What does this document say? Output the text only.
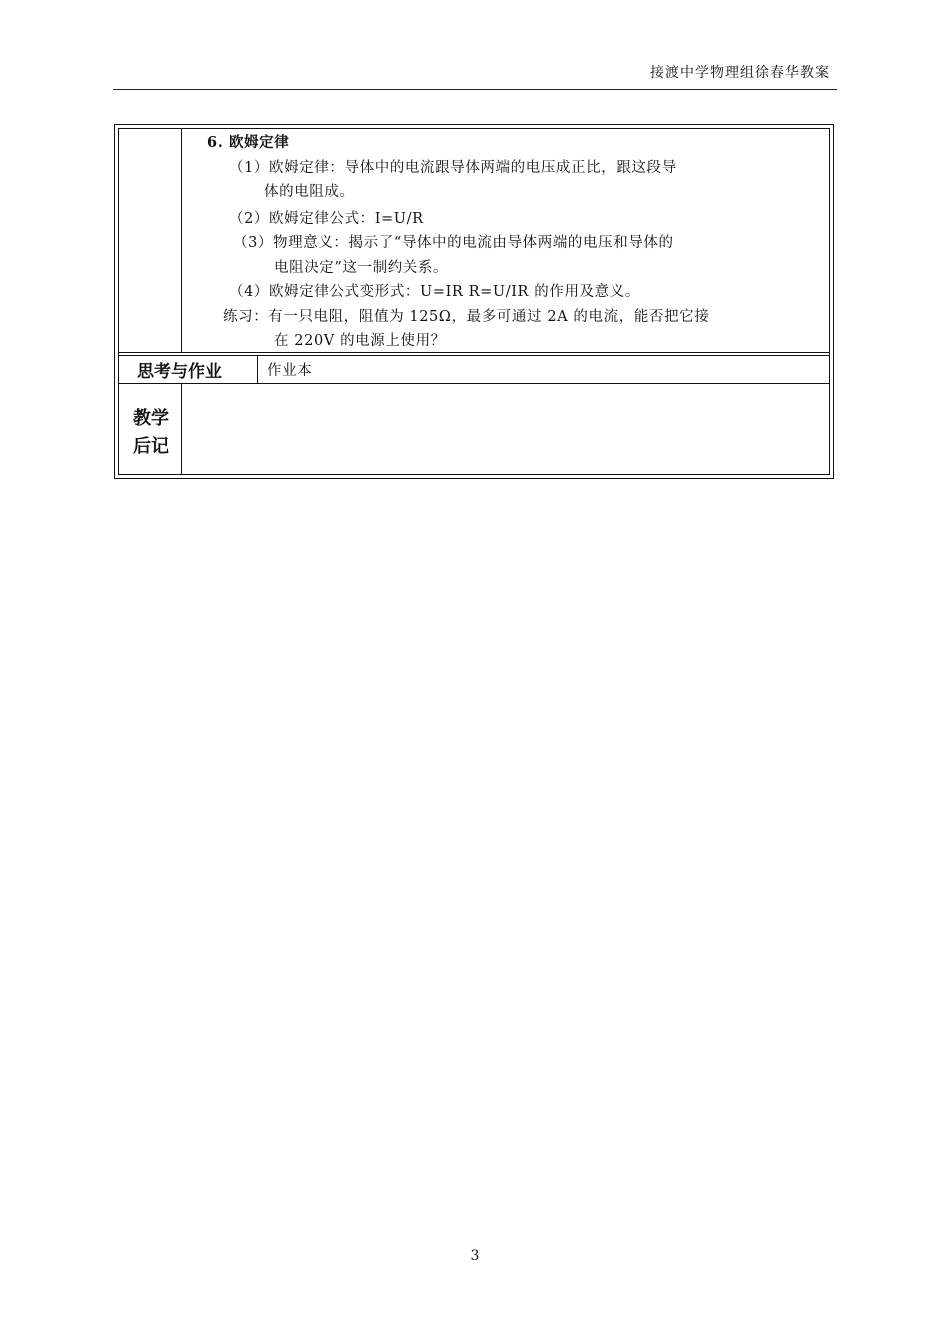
接渡中学物理组徐春华教案
6. 欧姆定律
（1）欧姆定律：导体中的电流跟导体两端的电压成正比，跟这段导
体的电阻成。
（2）欧姆定律公式：I=U/R
（3）物理意义：揭示了“导体中的电流由导体两端的电压和导体的
电阻决定”这一制约关系。
（4）欧姆定律公式变形式：U=IR R=U/IR 的作用及意义。
练习：有一只电阻，阻值为 125Ω，最多可通过 2A 的电流，能否把它接
在 220V 的电源上使用？
思考与作业	作业本
教学
后记
3
